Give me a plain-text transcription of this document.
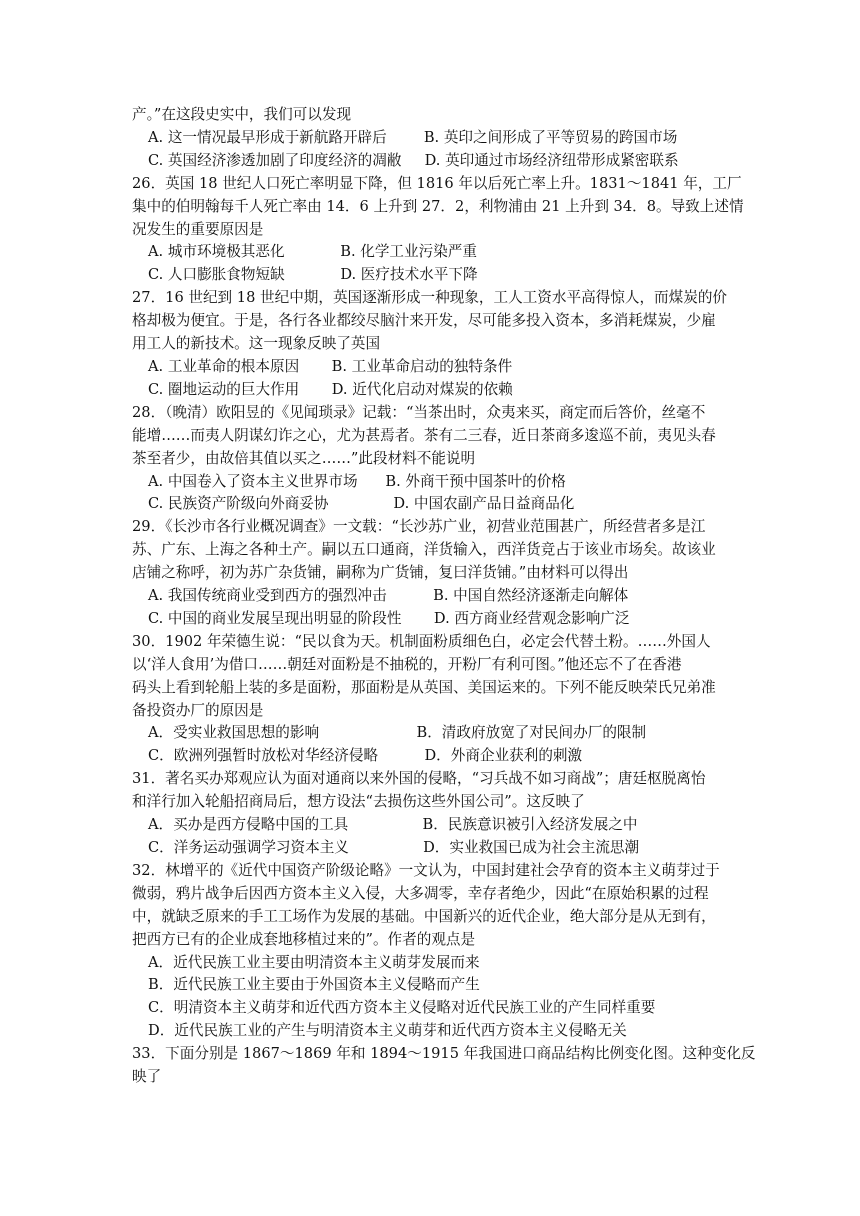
产。”在这段史实中，我们可以发现
A. 这一情况最早形成于新航路开辟后        B. 英印之间形成了平等贸易的跨国市场
C. 英国经济渗透加剧了印度经济的凋敝     D. 英印通过市场经济纽带形成紧密联系
26．英国 18 世纪人口死亡率明显下降，但 1816 年以后死亡率上升。1831～1841 年，工厂
集中的伯明翰每千人死亡率由 14．6 上升到 27．2，利物浦由 21 上升到 34．8。导致上述情
况发生的重要原因是
A. 城市环境极其恶化            B. 化学工业污染严重
C. 人口膨胀食物短缺            D. 医疗技术水平下降
27．16 世纪到 18 世纪中期，英国逐渐形成一种现象，工人工资水平高得惊人，而煤炭的价
格却极为便宜。于是，各行各业都绞尽脑汁来开发，尽可能多投入资本，多消耗煤炭，少雇
用工人的新技术。这一现象反映了英国
A. 工业革命的根本原因       B. 工业革命启动的独特条件
C. 圈地运动的巨大作用       D. 近代化启动对煤炭的依赖
28．（晚清）欧阳昱的《见闻琐录》记载：“当茶出时，众夷来买，商定而后答价，丝毫不
能增……而夷人阴谋幻诈之心，尤为甚焉者。茶有二三春，近日茶商多逡巡不前，夷见头春
茶至者少，由故倍其值以买之……”此段材料不能说明
A. 中国卷入了资本主义世界市场      B. 外商干预中国茶叶的价格
C. 民族资产阶级向外商妥协              D. 中国农副产品日益商品化
29．《长沙市各行业概况调查》一文载：“长沙苏广业，初营业范围甚广，所经营者多是江
苏、广东、上海之各种土产。嗣以五口通商，洋货输入，西洋货竞占于该业市场矣。故该业
店铺之称呼，初为苏广杂货铺，嗣称为广货铺，复曰洋货铺。”由材料可以得出
A. 我国传统商业受到西方的强烈冲击          B. 中国自然经济逐渐走向解体
C. 中国的商业发展呈现出明显的阶段性       D. 西方商业经营观念影响广泛
30．1902 年荣德生说：“民以食为天。机制面粉质细色白，必定会代替土粉。……外国人
以‘洋人食用’为借口……朝廷对面粉是不抽税的，开粉厂有利可图。”他还忘不了在香港
码头上看到轮船上装的多是面粉，那面粉是从英国、美国运来的。下列不能反映荣氏兄弟准
备投资办厂的原因是
A．受实业救国思想的影响                     B．清政府放宽了对民间办厂的限制
C．欧洲列强暂时放松对华经济侵略          D．外商企业获利的刺激
31．著名买办郑观应认为面对通商以来外国的侵略，“习兵战不如习商战”；唐廷枢脱离怡
和洋行加入轮船招商局后，想方设法“去损伤这些外国公司”。这反映了
A．买办是西方侵略中国的工具                B．民族意识被引入经济发展之中
C．洋务运动强调学习资本主义                D．实业救国已成为社会主流思潮
32．林增平的《近代中国资产阶级论略》一文认为，中国封建社会孕育的资本主义萌芽过于
微弱，鸦片战争后因西方资本主义入侵，大多凋零，幸存者绝少，因此“在原始积累的过程
中，就缺乏原来的手工工场作为发展的基础。中国新兴的近代企业，绝大部分是从无到有，
把西方已有的企业成套地移植过来的”。作者的观点是
A．近代民族工业主要由明清资本主义萌芽发展而来
B．近代民族工业主要由于外国资本主义侵略而产生
C．明清资本主义萌芽和近代西方资本主义侵略对近代民族工业的产生同样重要
D．近代民族工业的产生与明清资本主义萌芽和近代西方资本主义侵略无关
33．下面分别是 1867～1869 年和 1894～1915 年我国进口商品结构比例变化图。这种变化反
映了
